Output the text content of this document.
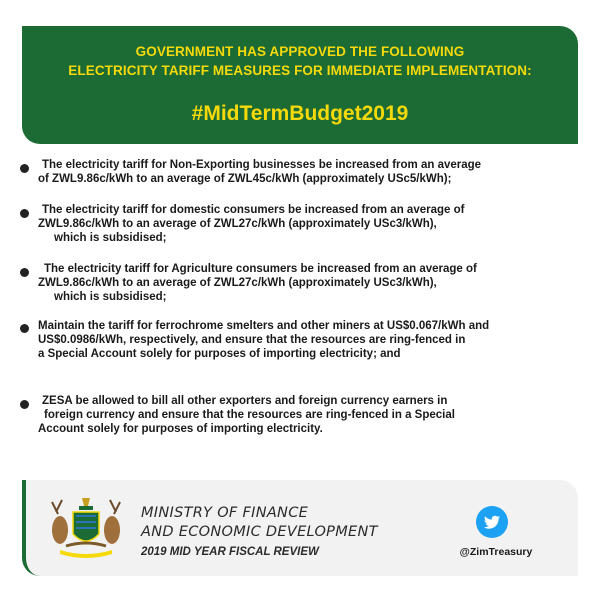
GOVERNMENT HAS APPROVED THE FOLLOWING
ELECTRICITY TARIFF MEASURES FOR IMMEDIATE IMPLEMENTATION:
#MidTermBudget2019
The electricity tariff for Non-Exporting businesses be increased from an average
of ZWL9.86c/kWh to an average of ZWL45c/kWh (approximately USc5/kWh);
The electricity tariff for domestic consumers be increased from an average of
ZWL9.86c/kWh to an average of ZWL27c/kWh (approximately USc3/kWh),
which is subsidised;
The electricity tariff for Agriculture consumers be increased from an average of
ZWL9.86c/kWh to an average of ZWL27c/kWh (approximately USc3/kWh),
which is subsidised;
Maintain the tariff for ferrochrome smelters and other miners at US$0.067/kWh and
US$0.0986/kWh, respectively, and ensure that the resources are ring-fenced in
a Special Account solely for purposes of importing electricity; and
ZESA be allowed to bill all other exporters and foreign currency earners in
foreign currency and ensure that the resources are ring-fenced in a Special
Account solely for purposes of importing electricity.
MINISTRY OF FINANCE
AND ECONOMIC DEVELOPMENT
2019 MID YEAR FISCAL REVIEW	@ZimTreasury
